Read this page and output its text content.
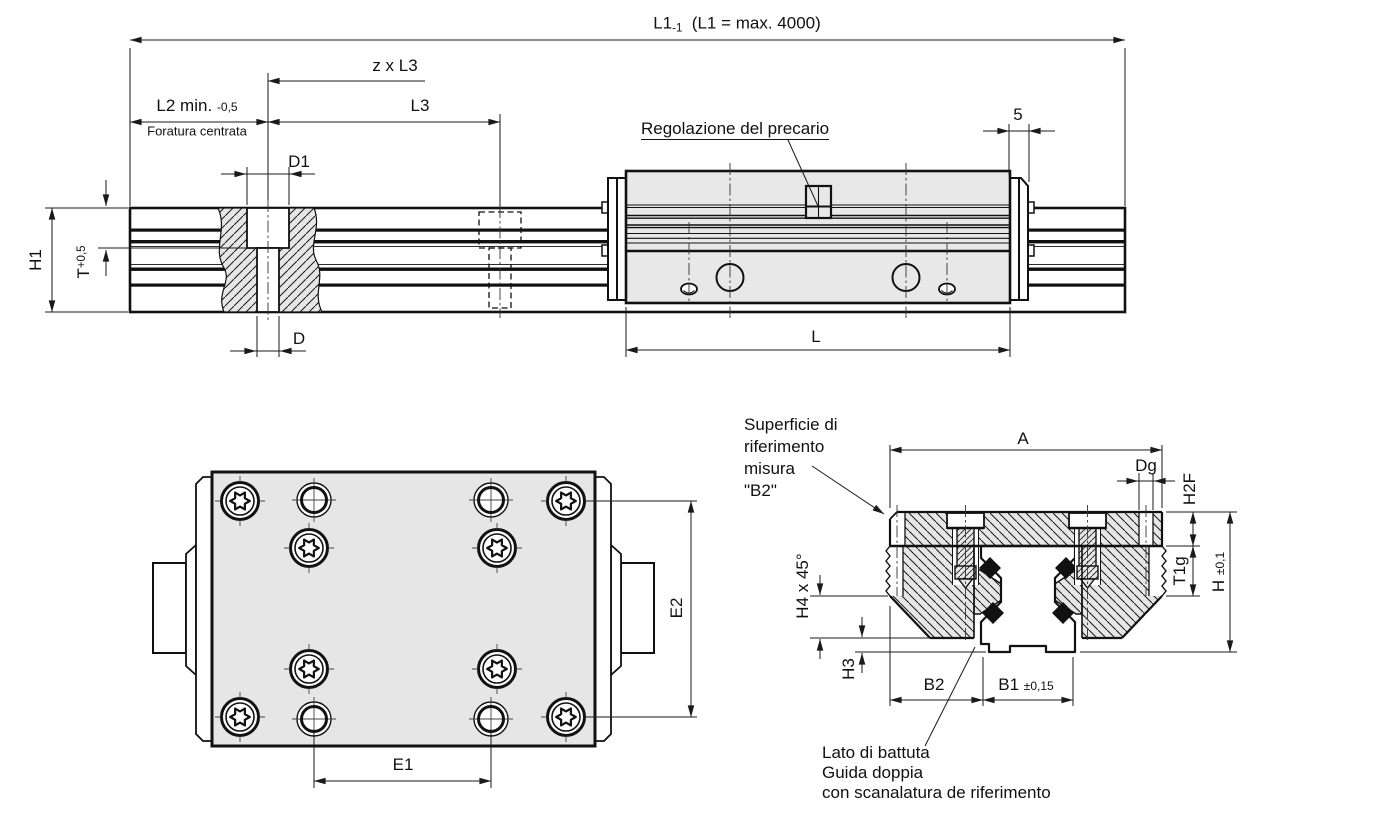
$L1_{-1}$ (L1 = max. 4000)
z x L3
L2 min. -0,5
Foratura centrata
L3
D1
Regolazione del precario
5
H1
$T^{+0,5}$
D	L
E1
E2
Superficie di
riferimento
misura
"B2"
A
Dg
H2F
T1g
H ±0,1
H4 x 45°
H3
B2	B1 ±0,15
Lato di battuta
Guida doppia
con scanalatura de riferimento
